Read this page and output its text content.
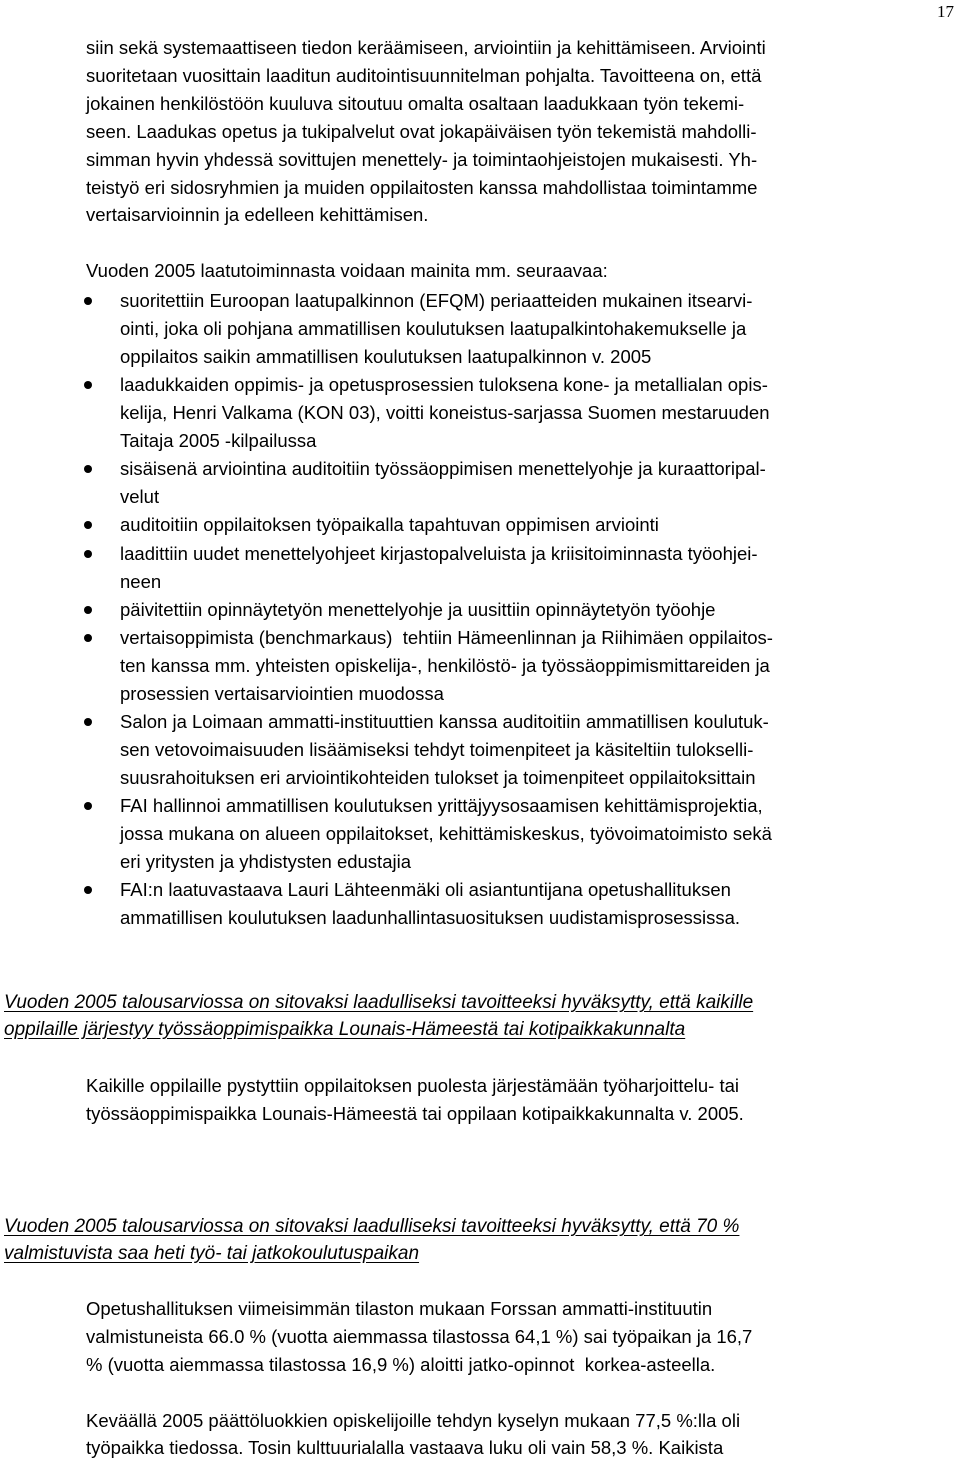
17
siin sekä systemaattiseen tiedon keräämiseen, arviointiin ja kehittämiseen. Arviointi
suoritetaan vuosittain laaditun auditointisuunnitelman pohjalta. Tavoitteena on, että
jokainen henkilöstöön kuuluva sitoutuu omalta osaltaan laadukkaan työn tekemi-
seen. Laadukas opetus ja tukipalvelut ovat jokapäiväisen työn tekemistä mahdolli-
simman hyvin yhdessä sovittujen menettely- ja toimintaohjeistojen mukaisesti. Yh-
teistyö eri sidosryhmien ja muiden oppilaitosten kanssa mahdollistaa toimintamme
vertaisarvioinnin ja edelleen kehittämisen.
Vuoden 2005 laatutoiminnasta voidaan mainita mm. seuraavaa:
suoritettiin Euroopan laatupalkinnon (EFQM) periaatteiden mukainen itsearvi-
ointi, joka oli pohjana ammatillisen koulutuksen laatupalkintohakemukselle ja
oppilaitos saikin ammatillisen koulutuksen laatupalkinnon v. 2005
laadukkaiden oppimis- ja opetusprosessien tuloksena kone- ja metallialan opis-
kelija, Henri Valkama (KON 03), voitti koneistus-sarjassa Suomen mestaruuden
Taitaja 2005 -kilpailussa
sisäisenä arviointina auditoitiin työssäoppimisen menettelyohje ja kuraattoripal-
velut
auditoitiin oppilaitoksen työpaikalla tapahtuvan oppimisen arviointi
laadittiin uudet menettelyohjeet kirjastopalveluista ja kriisitoiminnasta työohjei-
neen
päivitettiin opinnäytetyön menettelyohje ja uusittiin opinnäytetyön työohje
vertaisoppimista (benchmarkaus)  tehtiin Hämeenlinnan ja Riihimäen oppilaitos-
ten kanssa mm. yhteisten opiskelija-, henkilöstö- ja työssäoppimismittareiden ja
prosessien vertaisarviointien muodossa
Salon ja Loimaan ammatti-instituuttien kanssa auditoitiin ammatillisen koulutuk-
sen vetovoimaisuuden lisäämiseksi tehdyt toimenpiteet ja käsiteltiin tulokselli-
suusrahoituksen eri arviointikohteiden tulokset ja toimenpiteet oppilaitoksittain
FAI hallinnoi ammatillisen koulutuksen yrittäjyysosaamisen kehittämisprojektia,
jossa mukana on alueen oppilaitokset, kehittämiskeskus, työvoimatoimisto sekä
eri yritysten ja yhdistysten edustajia
FAI:n laatuvastaava Lauri Lähteenmäki oli asiantuntijana opetushallituksen
ammatillisen koulutuksen laadunhallintasuosituksen uudistamisprosessissa.
Vuoden 2005 talousarviossa on sitovaksi laadulliseksi tavoitteeksi hyväksytty, että kaikille
oppilaille järjestyy työssäoppimispaikka Lounais-Hämeestä tai kotipaikkakunnalta
Kaikille oppilaille pystyttiin oppilaitoksen puolesta järjestämään työharjoittelu- tai
työssäoppimispaikka Lounais-Hämeestä tai oppilaan kotipaikkakunnalta v. 2005.
Vuoden 2005 talousarviossa on sitovaksi laadulliseksi tavoitteeksi hyväksytty, että 70 %
valmistuvista saa heti työ- tai jatkokoulutuspaikan
Opetushallituksen viimeisimmän tilaston mukaan Forssan ammatti-instituutin
valmistuneista 66.0 % (vuotta aiemmassa tilastossa 64,1 %) sai työpaikan ja 16,7
% (vuotta aiemmassa tilastossa 16,9 %) aloitti jatko-opinnot  korkea-asteella.
Keväällä 2005 päättöluokkien opiskelijoille tehdyn kyselyn mukaan 77,5 %:lla oli
työpaikka tiedossa. Tosin kulttuurialalla vastaava luku oli vain 58,3 %. Kaikista
